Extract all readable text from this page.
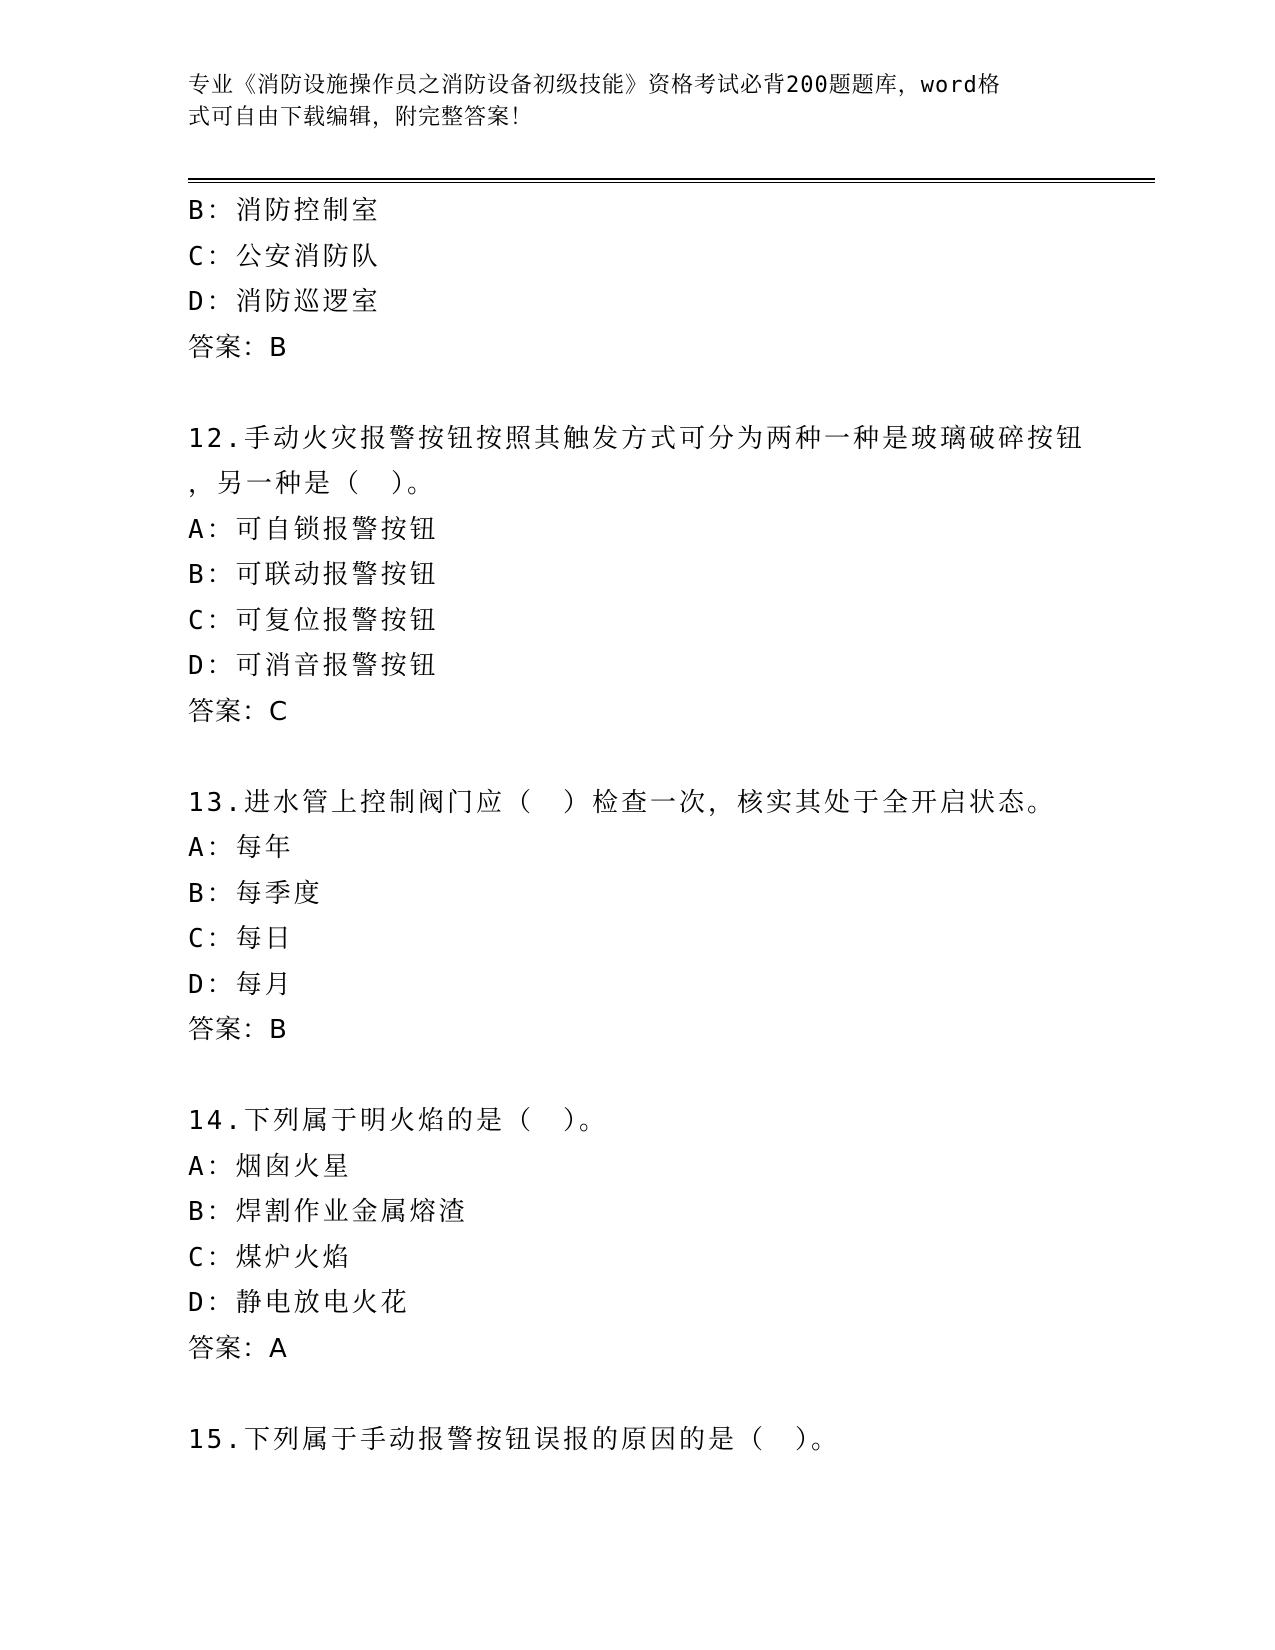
专业《消防设施操作员之消防设备初级技能》资格考试必背200题题库，word格
式可自由下载编辑，附完整答案！
B：消防控制室
C：公安消防队
D：消防巡逻室
答案：B
12.手动火灾报警按钮按照其触发方式可分为两种一种是玻璃破碎按钮
，另一种是（　）。
A：可自锁报警按钮
B：可联动报警按钮
C：可复位报警按钮
D：可消音报警按钮
答案：C
13.进水管上控制阀门应（　）检查一次，核实其处于全开启状态。
A：每年
B：每季度
C：每日
D：每月
答案：B
14.下列属于明火焰的是（　）。
A：烟囱火星
B：焊割作业金属熔渣
C：煤炉火焰
D：静电放电火花
答案：A
15.下列属于手动报警按钮误报的原因的是（　）。
